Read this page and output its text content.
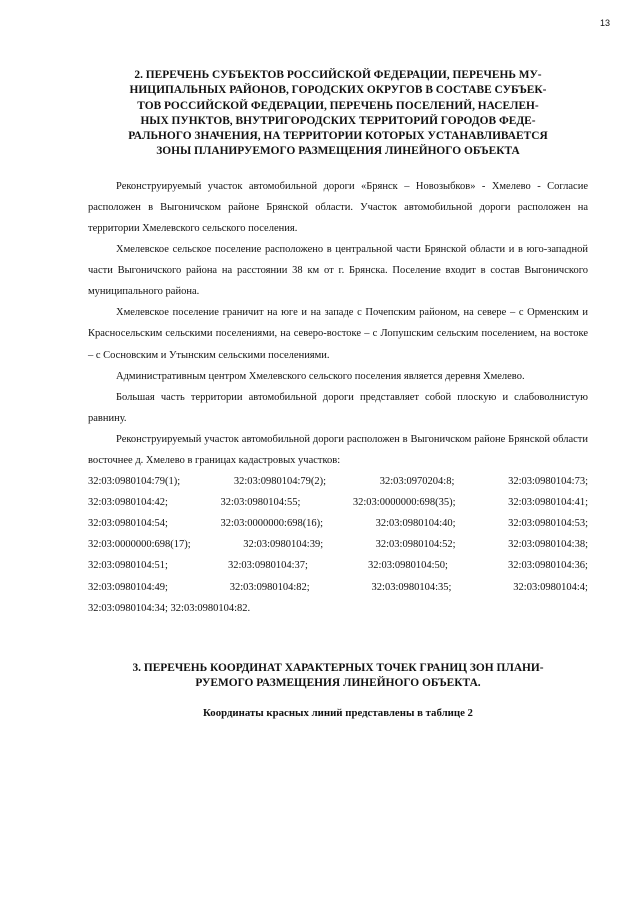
13
2. ПЕРЕЧЕНЬ СУБЪЕКТОВ РОССИЙСКОЙ ФЕДЕРАЦИИ, ПЕРЕЧЕНЬ МУ-
НИЦИПАЛЬНЫХ РАЙОНОВ, ГОРОДСКИХ ОКРУГОВ В СОСТАВЕ СУБЪЕК-
ТОВ РОССИЙСКОЙ ФЕДЕРАЦИИ, ПЕРЕЧЕНЬ ПОСЕЛЕНИЙ, НАСЕЛЕН-
НЫХ ПУНКТОВ, ВНУТРИГОРОДСКИХ ТЕРРИТОРИЙ ГОРОДОВ ФЕДЕ-
РАЛЬНОГО ЗНАЧЕНИЯ, НА ТЕРРИТОРИИ КОТОРЫХ УСТАНАВЛИВАЕТСЯ
ЗОНЫ ПЛАНИРУЕМОГО РАЗМЕЩЕНИЯ ЛИНЕЙНОГО ОБЪЕКТА

Реконструируемый участок автомобильной дороги «Брянск – Новозыбков» - Хмелево - Согласие расположен в Выгоничском районе Брянской области. Участок автомобильной дороги расположен на территории Хмелевского сельского поселения.

Хмелевское сельское поселение расположено в центральной части Брянской области и в юго-западной части Выгоничского района на расстоянии 38 км от г. Брянска. Поселение входит в состав Выгоничского муниципального района.

Хмелевское поселение граничит на юге и на западе с Почепским районом, на севере – с Орменским и Красносельским сельскими поселениями, на северо-востоке – с Лопушским сельским поселением, на востоке – с Сосновским и Утынским сельскими поселениями.

Административным центром Хмелевского сельского поселения является деревня Хмелево.

Большая часть территории автомобильной дороги представляет собой плоскую и слабоволнистую равнину.

Реконструируемый участок автомобильной дороги расположен в Выгоничском районе Брянской области восточнее д. Хмелево в границах кадастровых участков:

32:03:0980104:79(1);	32:03:0980104:79(2);	32:03:0970204:8;	32:03:0980104:73;
32:03:0980104:42;	32:03:0980104:55;	32:03:0000000:698(35);	32:03:0980104:41;
32:03:0980104:54;	32:03:0000000:698(16);	32:03:0980104:40;	32:03:0980104:53;
32:03:0000000:698(17);	32:03:0980104:39;	32:03:0980104:52;	32:03:0980104:38;
32:03:0980104:51;	32:03:0980104:37;	32:03:0980104:50;	32:03:0980104:36;
32:03:0980104:49;	32:03:0980104:82;	32:03:0980104:35;	32:03:0980104:4;
32:03:0980104:34; 32:03:0980104:82.
3. ПЕРЕЧЕНЬ КООРДИНАТ ХАРАКТЕРНЫХ ТОЧЕК ГРАНИЦ ЗОН ПЛАНИ-
РУЕМОГО РАЗМЕЩЕНИЯ ЛИНЕЙНОГО ОБЪЕКТА.
Координаты красных линий представлены в таблице 2
